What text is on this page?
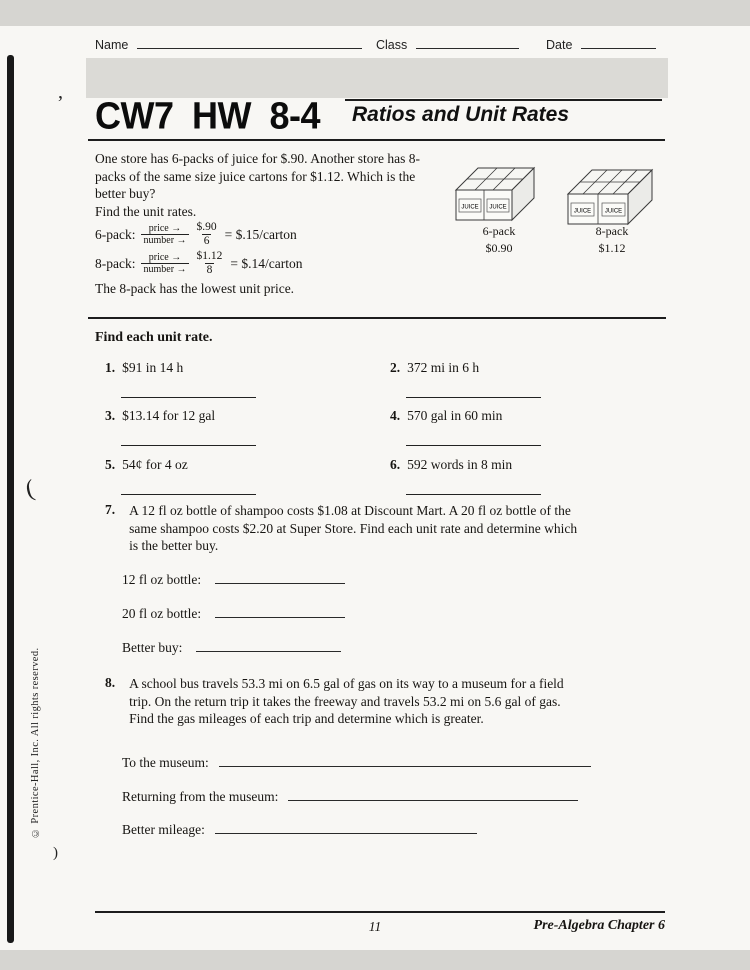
’
(
)
Name	Class	Date
CW7 HW 8-4 Ratios and Unit Rates
One store has 6-packs of juice for $.90. Another store has 8-packs of the same size juice cartons for $1.12. Which is the better buy?
Find the unit rates.
6-pack: $\frac{\text{price →}}{\text{number →}} \frac{\$.90}{6}$ = $.15/carton
8-pack: $\frac{\text{price →}}{\text{number →}} \frac{\$1.12}{8}$ = $.14/carton
The 8-pack has the lowest unit price.
JUICE JUICE
6-pack
$0.90
JUICE JUICE
8-pack
$1.12
Find each unit rate.
1. $91 in 14 h	2. 372 mi in 6 h
3. $13.14 for 12 gal	4. 570 gal in 60 min
5. 54¢ for 4 oz	6. 592 words in 8 min
7. A 12 fl oz bottle of shampoo costs $1.08 at Discount Mart. A 20 fl oz bottle of the same shampoo costs $2.20 at Super Store. Find each unit rate and determine which is the better buy.
12 fl oz bottle:
20 fl oz bottle:
Better buy:
8. A school bus travels 53.3 mi on 6.5 gal of gas on its way to a museum for a field trip. On the return trip it takes the freeway and travels 53.2 mi on 5.6 gal of gas. Find the gas mileages of each trip and determine which is greater.
To the museum:
Returning from the museum:
Better mileage:
© Prentice-Hall, Inc. All rights reserved.
11	Pre-Algebra Chapter 6
